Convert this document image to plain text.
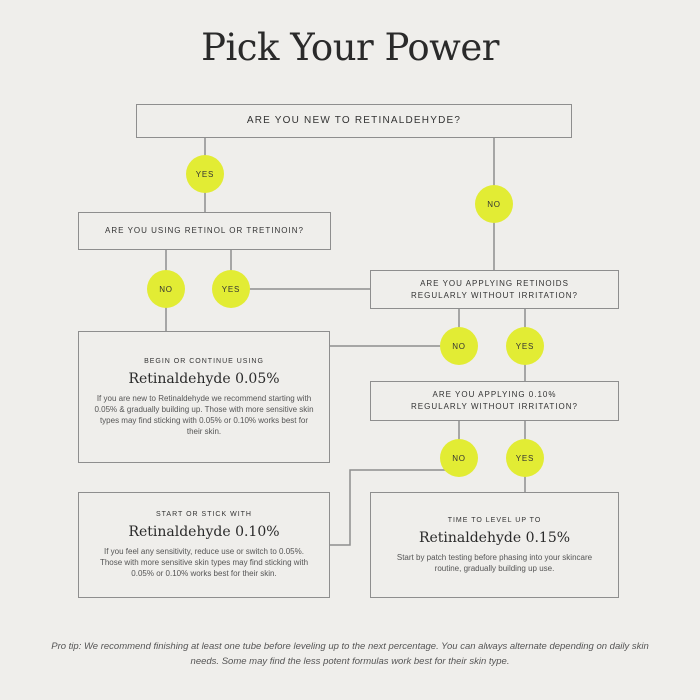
Pick Your Power
ARE YOU NEW TO RETINALDEHYDE?
ARE YOU USING RETINOL OR TRETINOIN?
ARE YOU APPLYING RETINOIDS
REGULARLY WITHOUT IRRITATION?
ARE YOU APPLYING 0.10%
REGULARLY WITHOUT IRRITATION?
YES
NO
NO	YES
NO	YES
NO	YES
BEGIN OR CONTINUE USING
Retinaldehyde 0.05%
If you are new to Retinaldehyde we recommend starting with 0.05% & gradually building up. Those with more sensitive skin types may find sticking with 0.05% or 0.10% works best for their skin.
START OR STICK WITH
Retinaldehyde 0.10%
If you feel any sensitivity, reduce use or switch to 0.05%. Those with more sensitive skin types may find sticking with 0.05% or 0.10% works best for their skin.
TIME TO LEVEL UP TO
Retinaldehyde 0.15%
Start by patch testing before phasing into your skincare routine, gradually building up use.
Pro tip: We recommend finishing at least one tube before leveling up to the next percentage. You can always alternate depending on daily skin needs. Some may find the less potent formulas work best for their skin type.
